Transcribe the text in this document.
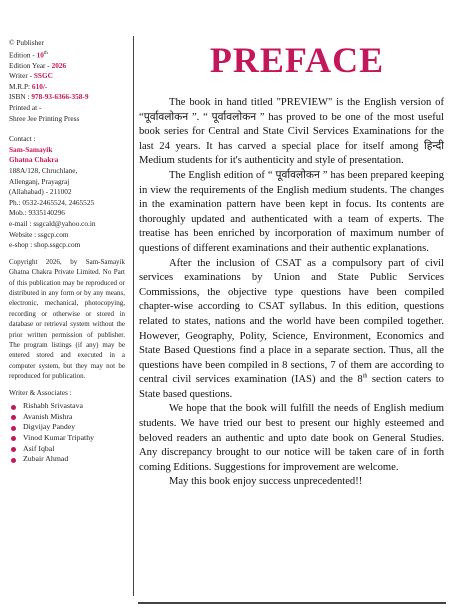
© Publisher
Edition - 10th
Edition Year - 2026
Writer - SSGC
M.R.P: 610/-
ISBN : 978-93-6366-358-9
Printed at -
Shree Jee Printing Press
Contact :
Sam-Samayik
Ghatna Chakra
188A/128, Chruchlane,
Allenganj, Prayagraj
(Allahabad) - 211002
Ph.: 0532-2465524, 2465525
Mob.: 9335140296
e-mail : ssgcald@yahoo.co.in
Website : ssgcp.com
e-shop : shop.ssgcp.com
Copyright 2026, by Sam-Samayik Ghatna Chakra Private Limited. No Part of this publication may be reproduced or distributed in any form or by any means, electronic, mechanical, photocopying, recording or otherwise or stored in database or retrieval system without the prior written permission of publisher. The program listings (if any) may be entered stored and executed in a computer system, but they may not be reproduced for publication.
Writer & Associates :
Rishabh Srivastava
Avanish Mishra
Digvijay Pandey
Vinod Kumar Tripathy
Asif Iqbal
Zubair Ahmad
PREFACE

The book in hand titled "PREVIEW" is the English version of “पूर्वावलोकन ”. “ पूर्वावलोकन ” has proved to be one of the most useful book series for Central and State Civil Services Examinations for the last 24 years. It has carved a special place for itself among हिन्दी Medium students for it's authenticity and style of presentation.

The English edition of “ पूर्वावलोकन ” has been prepared keeping in view the requirements of the English medium students. The changes in the examination pattern have been kept in focus. Its contents are thoroughly updated and authenticated with a team of experts. The treatise has been enriched by incorporation of maximum number of questions of different examinations and their authentic explanations.

After the inclusion of CSAT as a compulsory part of civil services examinations by Union and State Public Services Commissions, the objective type questions have been compiled chapter-wise according to CSAT syllabus. In this edition, questions related to states, nations and the world have been compiled together. However, Geography, Polity, Science, Environment, Economics and State Based Questions find a place in a separate section. Thus, all the questions have been compiled in 8 sections, 7 of them are according to central civil services examination (IAS) and the 8th section caters to State based questions.

We hope that the book will fulfill the needs of English medium students. We have tried our best to present our highly esteemed and beloved readers an authentic and upto date book on General Studies. Any discrepancy brought to our notice will be taken care of in forth coming Editions. Suggestions for improvement are welcome.

May this book enjoy success unprecedented!!
